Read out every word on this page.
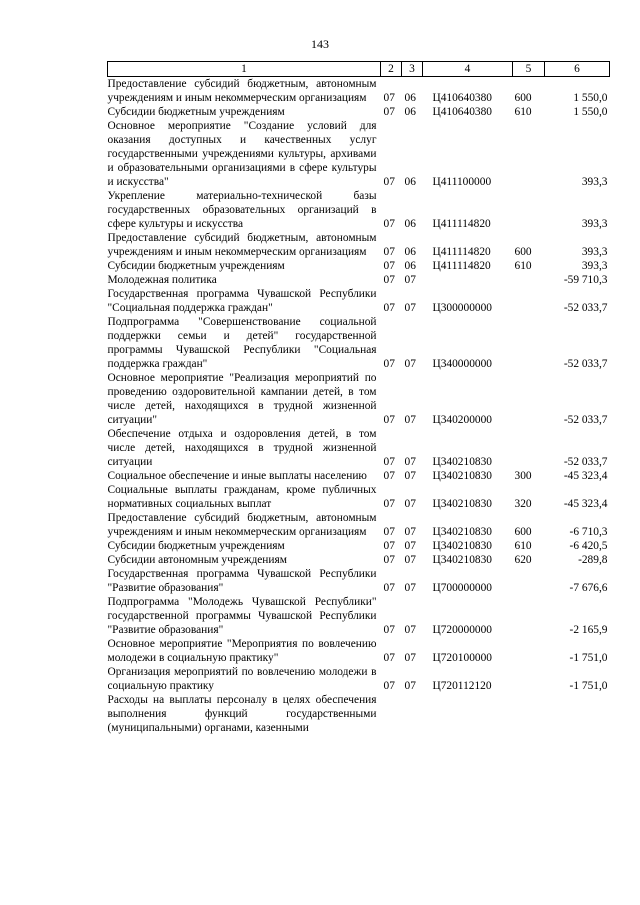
143
1	2	3	4	5	6
Предоставление субсидий бюджетным, автономным учреждениям и иным некоммерческим организациям	07	06	Ц410640380	600	1 550,0
Субсидии бюджетным учреждениям	07	06	Ц410640380	610	1 550,0
Основное мероприятие "Создание условий для оказания доступных и качественных услуг государственными учреждениями культуры, архивами и образовательными организациями в сфере культуры и искусства"	07	06	Ц411100000		393,3
Укрепление материально-технической базы государственных образовательных организаций в сфере культуры и искусства	07	06	Ц411114820		393,3
Предоставление субсидий бюджетным, автономным учреждениям и иным некоммерческим организациям	07	06	Ц411114820	600	393,3
Субсидии бюджетным учреждениям	07	06	Ц411114820	610	393,3
Молодежная политика	07	07			-59 710,3
Государственная программа Чувашской Республики "Социальная поддержка граждан"	07	07	Ц300000000		-52 033,7
Подпрограмма "Совершенствование социальной поддержки семьи и детей" государственной программы Чувашской Республики "Социальная поддержка граждан"	07	07	Ц340000000		-52 033,7
Основное мероприятие "Реализация мероприятий по проведению оздоровительной кампании детей, в том числе детей, находящихся в трудной жизненной ситуации"	07	07	Ц340200000		-52 033,7
Обеспечение отдыха и оздоровления детей, в том числе детей, находящихся в трудной жизненной ситуации	07	07	Ц340210830		-52 033,7
Социальное обеспечение и иные выплаты населению	07	07	Ц340210830	300	-45 323,4
Социальные выплаты гражданам, кроме публичных нормативных социальных выплат	07	07	Ц340210830	320	-45 323,4
Предоставление субсидий бюджетным, автономным учреждениям и иным некоммерческим организациям	07	07	Ц340210830	600	-6 710,3
Субсидии бюджетным учреждениям	07	07	Ц340210830	610	-6 420,5
Субсидии автономным учреждениям	07	07	Ц340210830	620	-289,8
Государственная программа Чувашской Республики "Развитие образования"	07	07	Ц700000000		-7 676,6
Подпрограмма "Молодежь Чувашской Республики" государственной программы Чувашской Республики "Развитие образования"	07	07	Ц720000000		-2 165,9
Основное мероприятие "Мероприятия по вовлечению молодежи в социальную практику"	07	07	Ц720100000		-1 751,0
Организация мероприятий по вовлечению молодежи в социальную практику	07	07	Ц720112120		-1 751,0
Расходы на выплаты персоналу в целях обеспечения выполнения функций государственными (муниципальными) органами, казенными					
